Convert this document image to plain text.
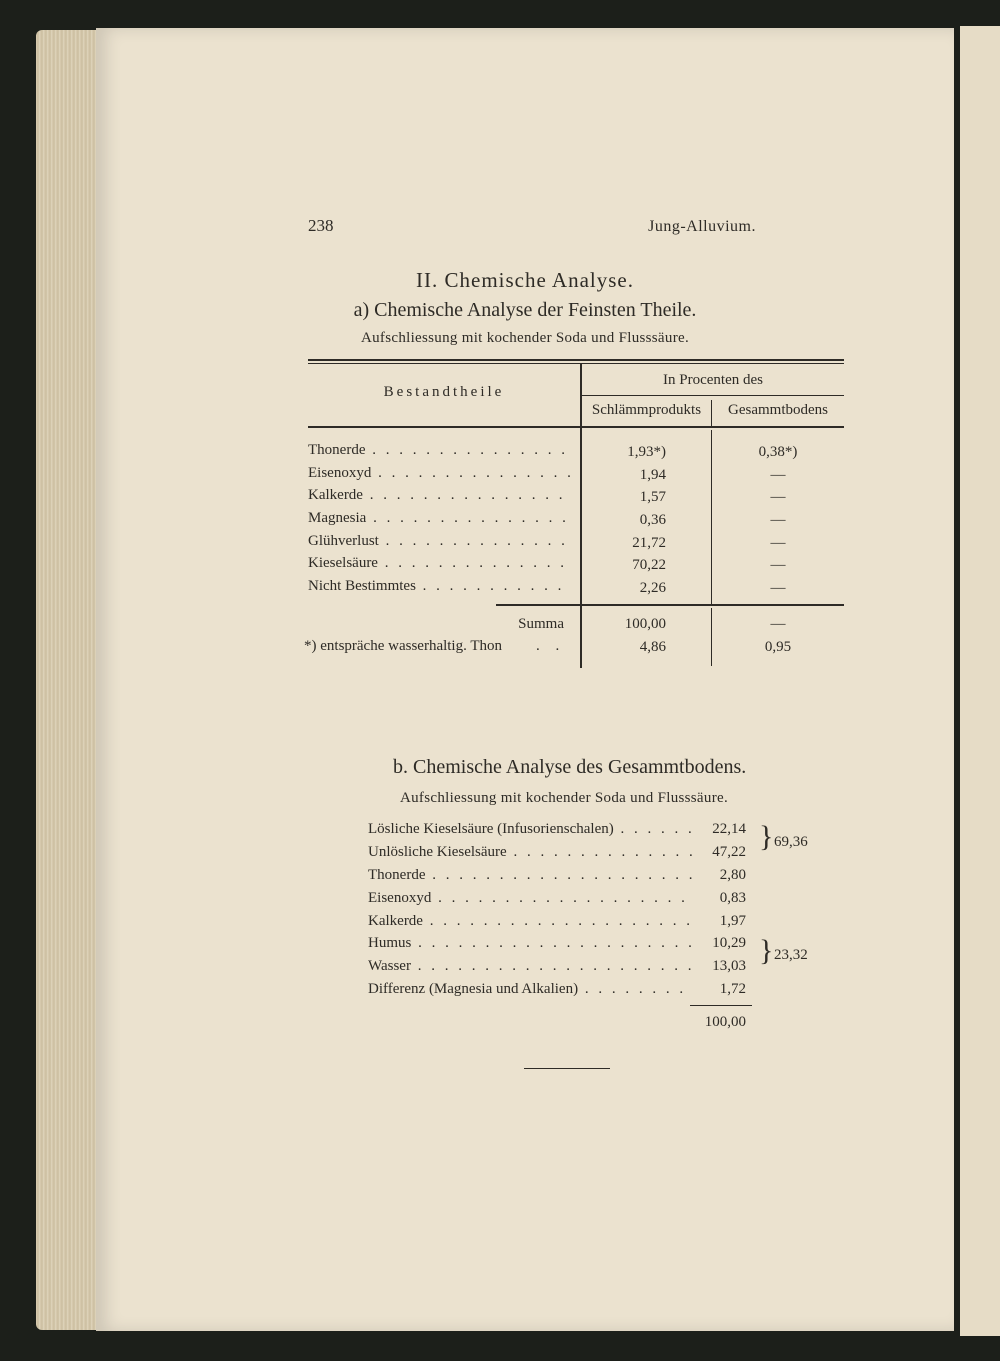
238	Jung-Alluvium.
II. Chemische Analyse.
a) Chemische Analyse der Feinsten Theile.
Aufschliessung mit kochender Soda und Flusssäure.
Bestandtheile
In Procenten des
Schlämmprodukts	Gesammtbodens
Thonerde . . .	1,93*)	0,38*)
Eisenoxyd . . .	1,94	—
Kalkerde . . .	1,57	—
Magnesia . . .	0,36	—
Glühverlust . . .	21,72	—
Kieselsäure . . .	70,22	—
Nicht Bestimmtes . . .	2,26	—
Summa	100,00	—
*) entspräche wasserhaltig. Thon . .	4,86	0,95
b. Chemische Analyse des Gesammtbodens.
Aufschliessung mit kochender Soda und Flusssäure.
Lösliche Kieselsäure (Infusorienschalen) . . .	22,14
Unlösliche Kieselsäure . . .	47,22
Thonerde . . .	2,80
Eisenoxyd . . .	0,83
Kalkerde . . .	1,97
Humus . . .	10,29
Wasser . . .	13,03
Differenz (Magnesia und Alkalien) . . .	1,72
} 69,36
} 23,32
100,00
